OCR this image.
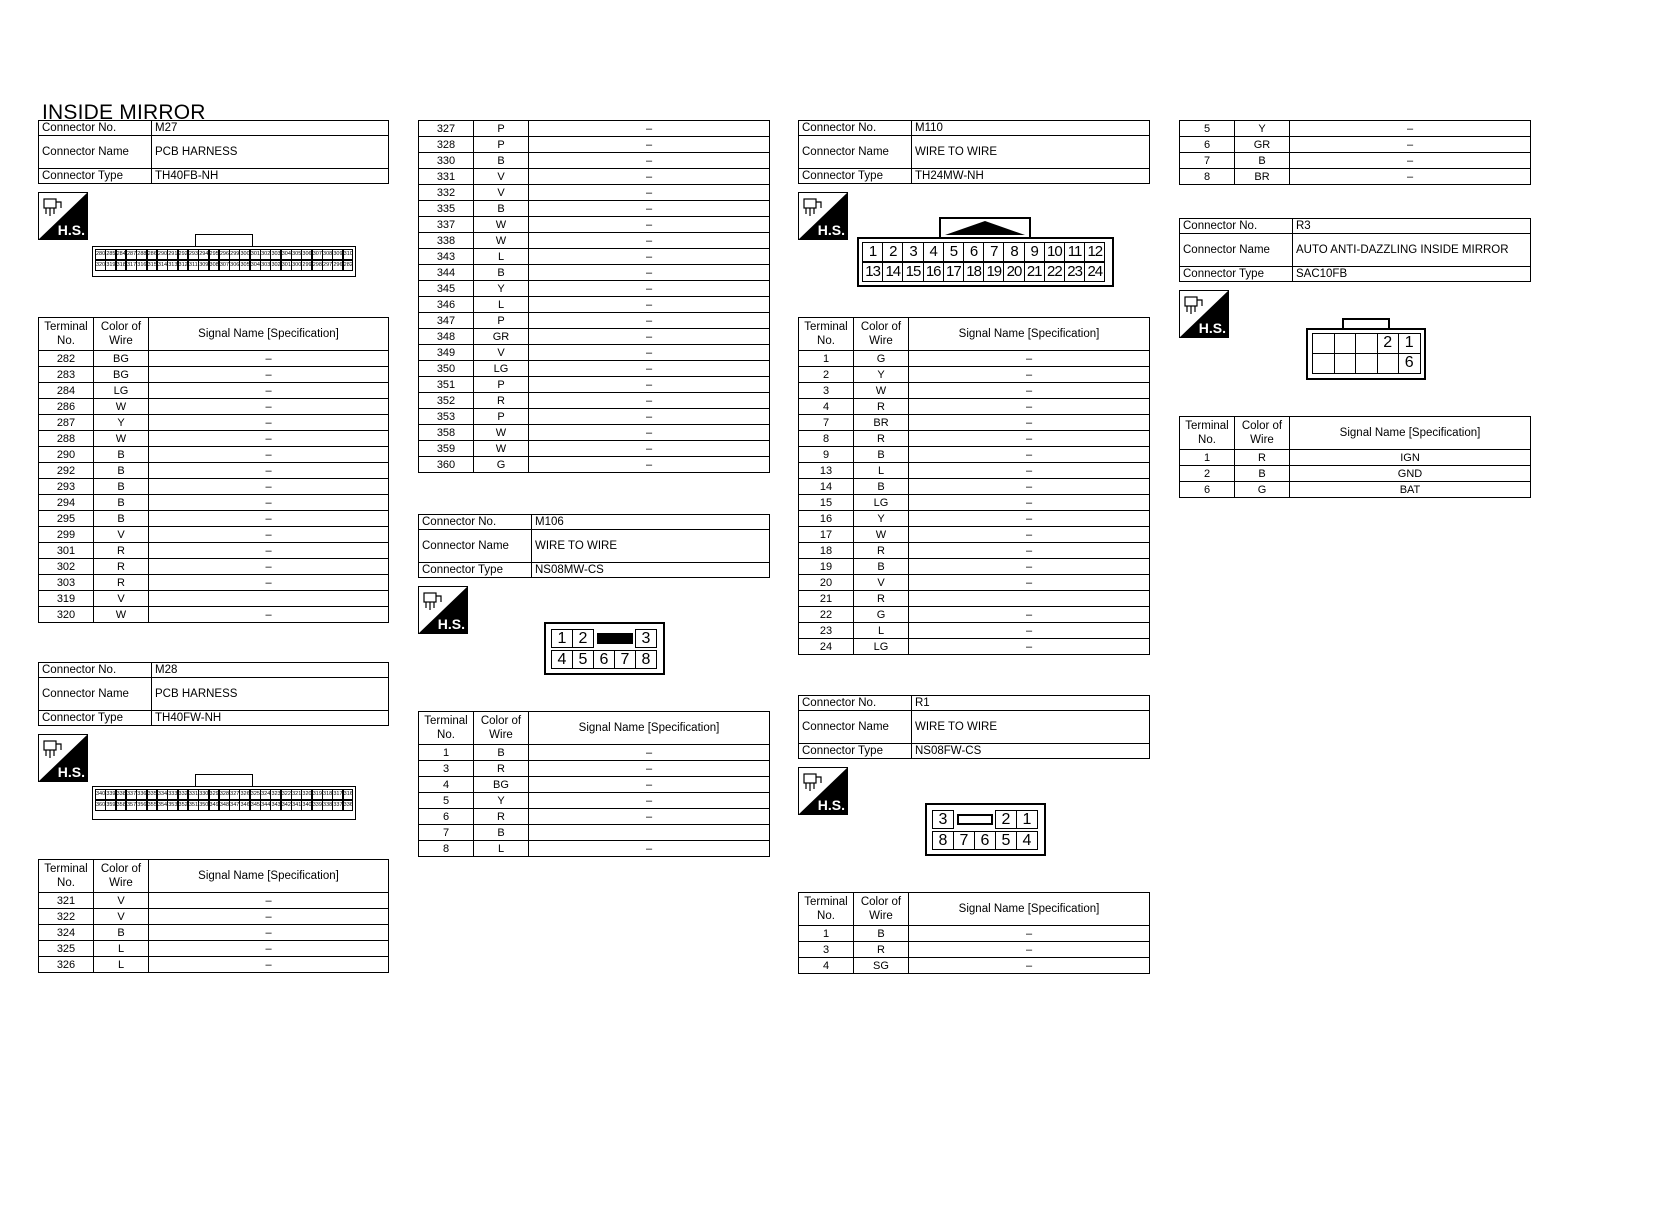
INSIDE MIRROR
Connector No.	M27
Connector Name	PCB HARNESS
Connector Type	TH40FB-NH
H.S.
280 285 284 287 288 286 290 291 292 293 294 295 296 299 300 301 302 303 304 305 306 307 308 309 310
320 319 318 317 316 315 314 313 312 311 309 308 307 306 305 304 303 302 301 300 299 298 297 296 282
Terminal No.	Color of Wire	Signal Name [Specification]
282	BG	–
283	BG	–
284	LG	–
286	W	–
287	Y	–
288	W	–
290	B	–
292	B	–
293	B	–
294	B	–
295	B	–
299	V	–
301	R	–
302	R	–
303	R	–
319	V	
320	W	–
Connector No.	M28
Connector Name	PCB HARNESS
Connector Type	TH40FW-NH
H.S.
340 339 338 337 336 335 334 333 332 331 330 329 328 327 326 325 324 323 322 321 320 319 318 317 316
360 359 358 357 356 355 354 353 352 351 350 349 348 347 346 345 344 343 342 341 340 339 338 337 336
Terminal No.	Color of Wire	Signal Name [Specification]
321	V	–
322	V	–
324	B	–
325	L	–
326	L	–
327	P	–
328	P	–
330	B	–
331	V	–
332	V	–
335	B	–
337	W	–
338	W	–
343	L	–
344	B	–
345	Y	–
346	L	–
347	P	–
348	GR	–
349	V	–
350	LG	–
351	P	–
352	R	–
353	P	–
358	W	–
359	W	–
360	G	–
Connector No.	M106
Connector Name	WIRE TO WIRE
Connector Type	NS08MW-CS
H.S.
4 5 6 7 8
1 2	3
Terminal No.	Color of Wire	Signal Name [Specification]
1	B	–
3	R	–
4	BG	–
5	Y	–
6	R	–
7	B	
8	L	–
Connector No.	M110
Connector Name	WIRE TO WIRE
Connector Type	TH24MW-NH
H.S.
1 2 3 4 5 6 7 8 9 10 11 12
13 14 15 16 17 18 19 20 21 22 23 24
Terminal No.	Color of Wire	Signal Name [Specification]
1	G	–
2	Y	–
3	W	–
4	R	–
7	BR	–
8	R	–
9	B	–
13	L	–
14	B	–
15	LG	–
16	Y	–
17	W	–
18	R	–
19	B	–
20	V	–
21	R	
22	G	–
23	L	–
24	LG	–
Connector No.	R1
Connector Name	WIRE TO WIRE
Connector Type	NS08FW-CS
H.S.
8 7 6 5 4
3	2 1
Terminal No.	Color of Wire	Signal Name [Specification]
1	B	–
3	R	–
4	SG	–
5	Y	–
6	GR	–
7	B	–
8	BR	–
Connector No.	R3
Connector Name	AUTO ANTI-DAZZLING INSIDE MIRROR
Connector Type	SAC10FB
H.S.
2 1
6
Terminal No.	Color of Wire	Signal Name [Specification]
1	R	IGN
2	B	GND
6	G	BAT
